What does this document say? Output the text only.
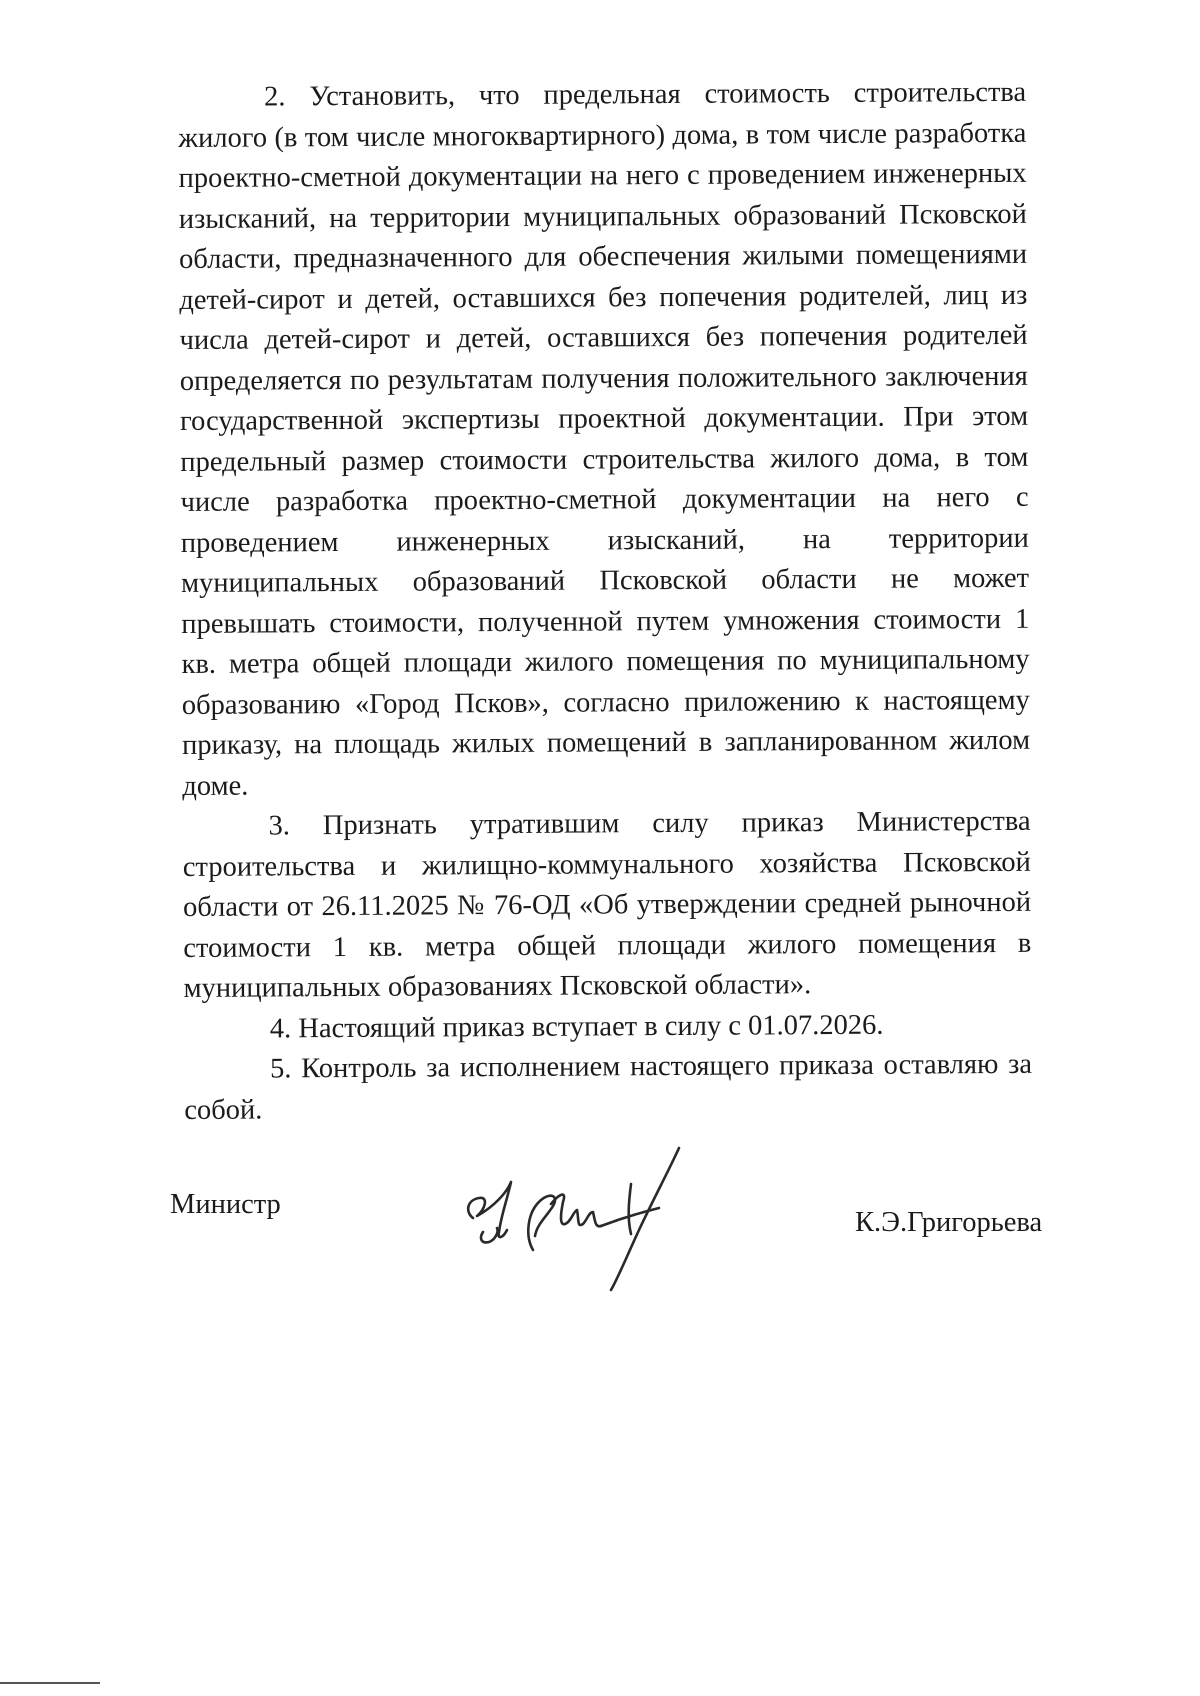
2. Установить, что предельная стоимость строительства жилого (в том числе многоквартирного) дома, в том числе разработка проектно-сметной документации на него с проведением инженерных изысканий, на территории муниципальных образований Псковской области, предназначенного для обеспечения жилыми помещениями детей-сирот и детей, оставшихся без попечения родителей, лиц из числа детей-сирот и детей, оставшихся без попечения родителей определяется по результатам получения положительного заключения государственной экспертизы проектной документации. При этом предельный размер стоимости строительства жилого дома, в том числе разработка проектно-сметной документации на него с проведением инженерных изысканий, на территории муниципальных образований Псковской области не может превышать стоимости, полученной путем умножения стоимости 1 кв. метра общей площади жилого помещения по муниципальному образованию «Город Псков», согласно приложению к настоящему приказу, на площадь жилых помещений в запланированном жилом доме.

3. Признать утратившим силу приказ Министерства строительства и жилищно-коммунального хозяйства Псковской области от 26.11.2025 № 76-ОД «Об утверждении средней рыночной стоимости 1 кв. метра общей площади жилого помещения в муниципальных образованиях Псковской области».

4. Настоящий приказ вступает в силу с 01.07.2026.

5. Контроль за исполнением настоящего приказа оставляю за собой.

Министр
К.Э.Григорьева
